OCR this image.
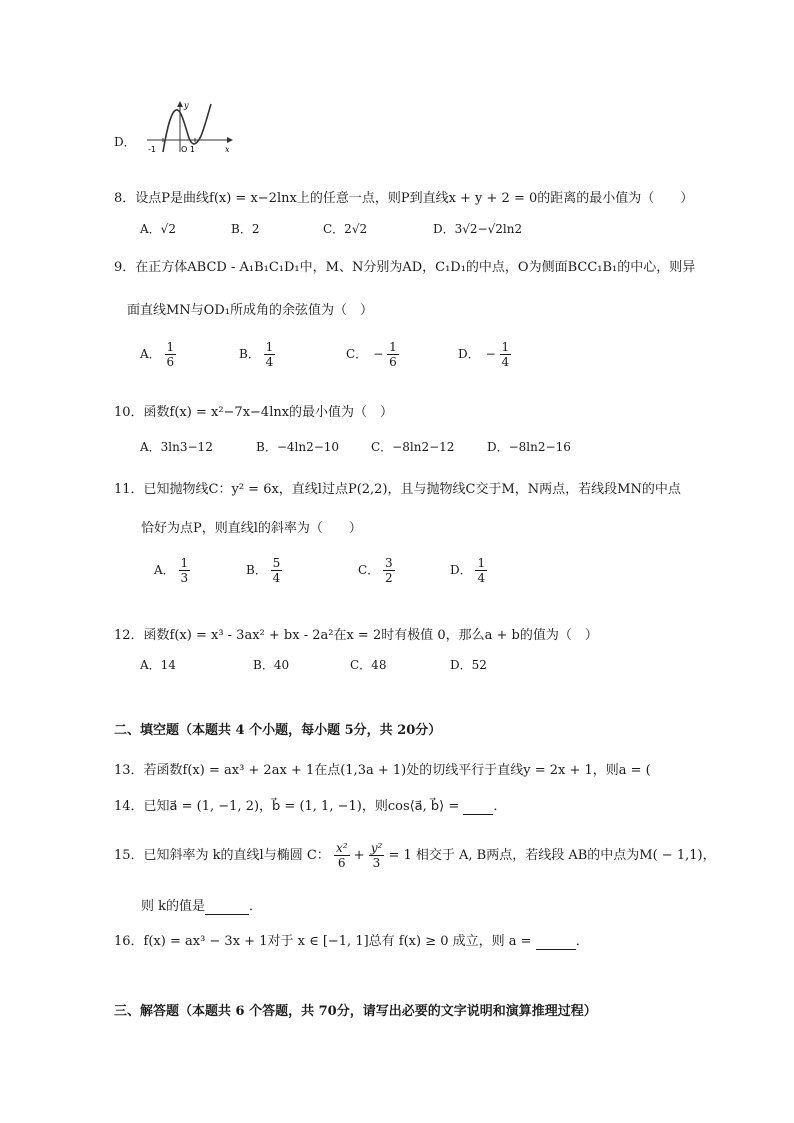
D．
-1	O 1	x
y
8．设点P是曲线f(x) = x−2lnx上的任意一点，则P到直线x + y + 2 = 0的距离的最小值为（　　）
A．√2	B．2	C．2√2	D．3√2−√2ln2
9．在正方体ABCD - A₁B₁C₁D₁中，M、N分别为AD，C₁D₁的中点，O为侧面BCC₁B₁的中心，则异
面直线MN与OD₁所成角的余弦值为（　）
A． $\frac{1}{6}$	B． $\frac{1}{4}$	C． − $\frac{1}{6}$	D． − $\frac{1}{4}$
10．函数f(x) = x²−7x−4lnx的最小值为（　）
A．3ln3−12	B．−4ln2−10	C．−8ln2−12	D．−8ln2−16
11．已知抛物线C：y² = 6x，直线l过点P(2,2)，且与抛物线C交于M，N两点，若线段MN的中点
恰好为点P，则直线l的斜率为（　　）
A． $\frac{1}{3}$	B． $\frac{5}{4}$	C． $\frac{3}{2}$	D． $\frac{1}{4}$
12．函数f(x) = x³ - 3ax² + bx - 2a²在x = 2时有极值 0，那么a + b的值为（　）
A．14	B．40	C．48	D．52
二、填空题（本题共 4 个小题，每小题 5分，共 20分）
13．若函数f(x) = ax³ + 2ax + 1在点(1,3a + 1)处的切线平行于直线y = 2x + 1，则a = (
14．已知a⃗ = (1, −1, 2)，b⃗ = (1, 1, −1)，则cos⟨a⃗, b⃗⟩ =  ．
15．已知斜率为 k的直线l与椭圆 C： $\frac{\text{x²}}{6} + \frac{\text{y²}}{3} = 1$ 相交于 A, B两点，若线段 AB的中点为M( − 1,1)，
则 k的值是	．
16．f(x) = ax³ − 3x + 1对于 x ∈ [−1, 1]总有 f(x) ≥ 0 成立，则 a =	．
三、解答题（本题共 6 个答题，共 70分，请写出必要的文字说明和演算推理过程）
